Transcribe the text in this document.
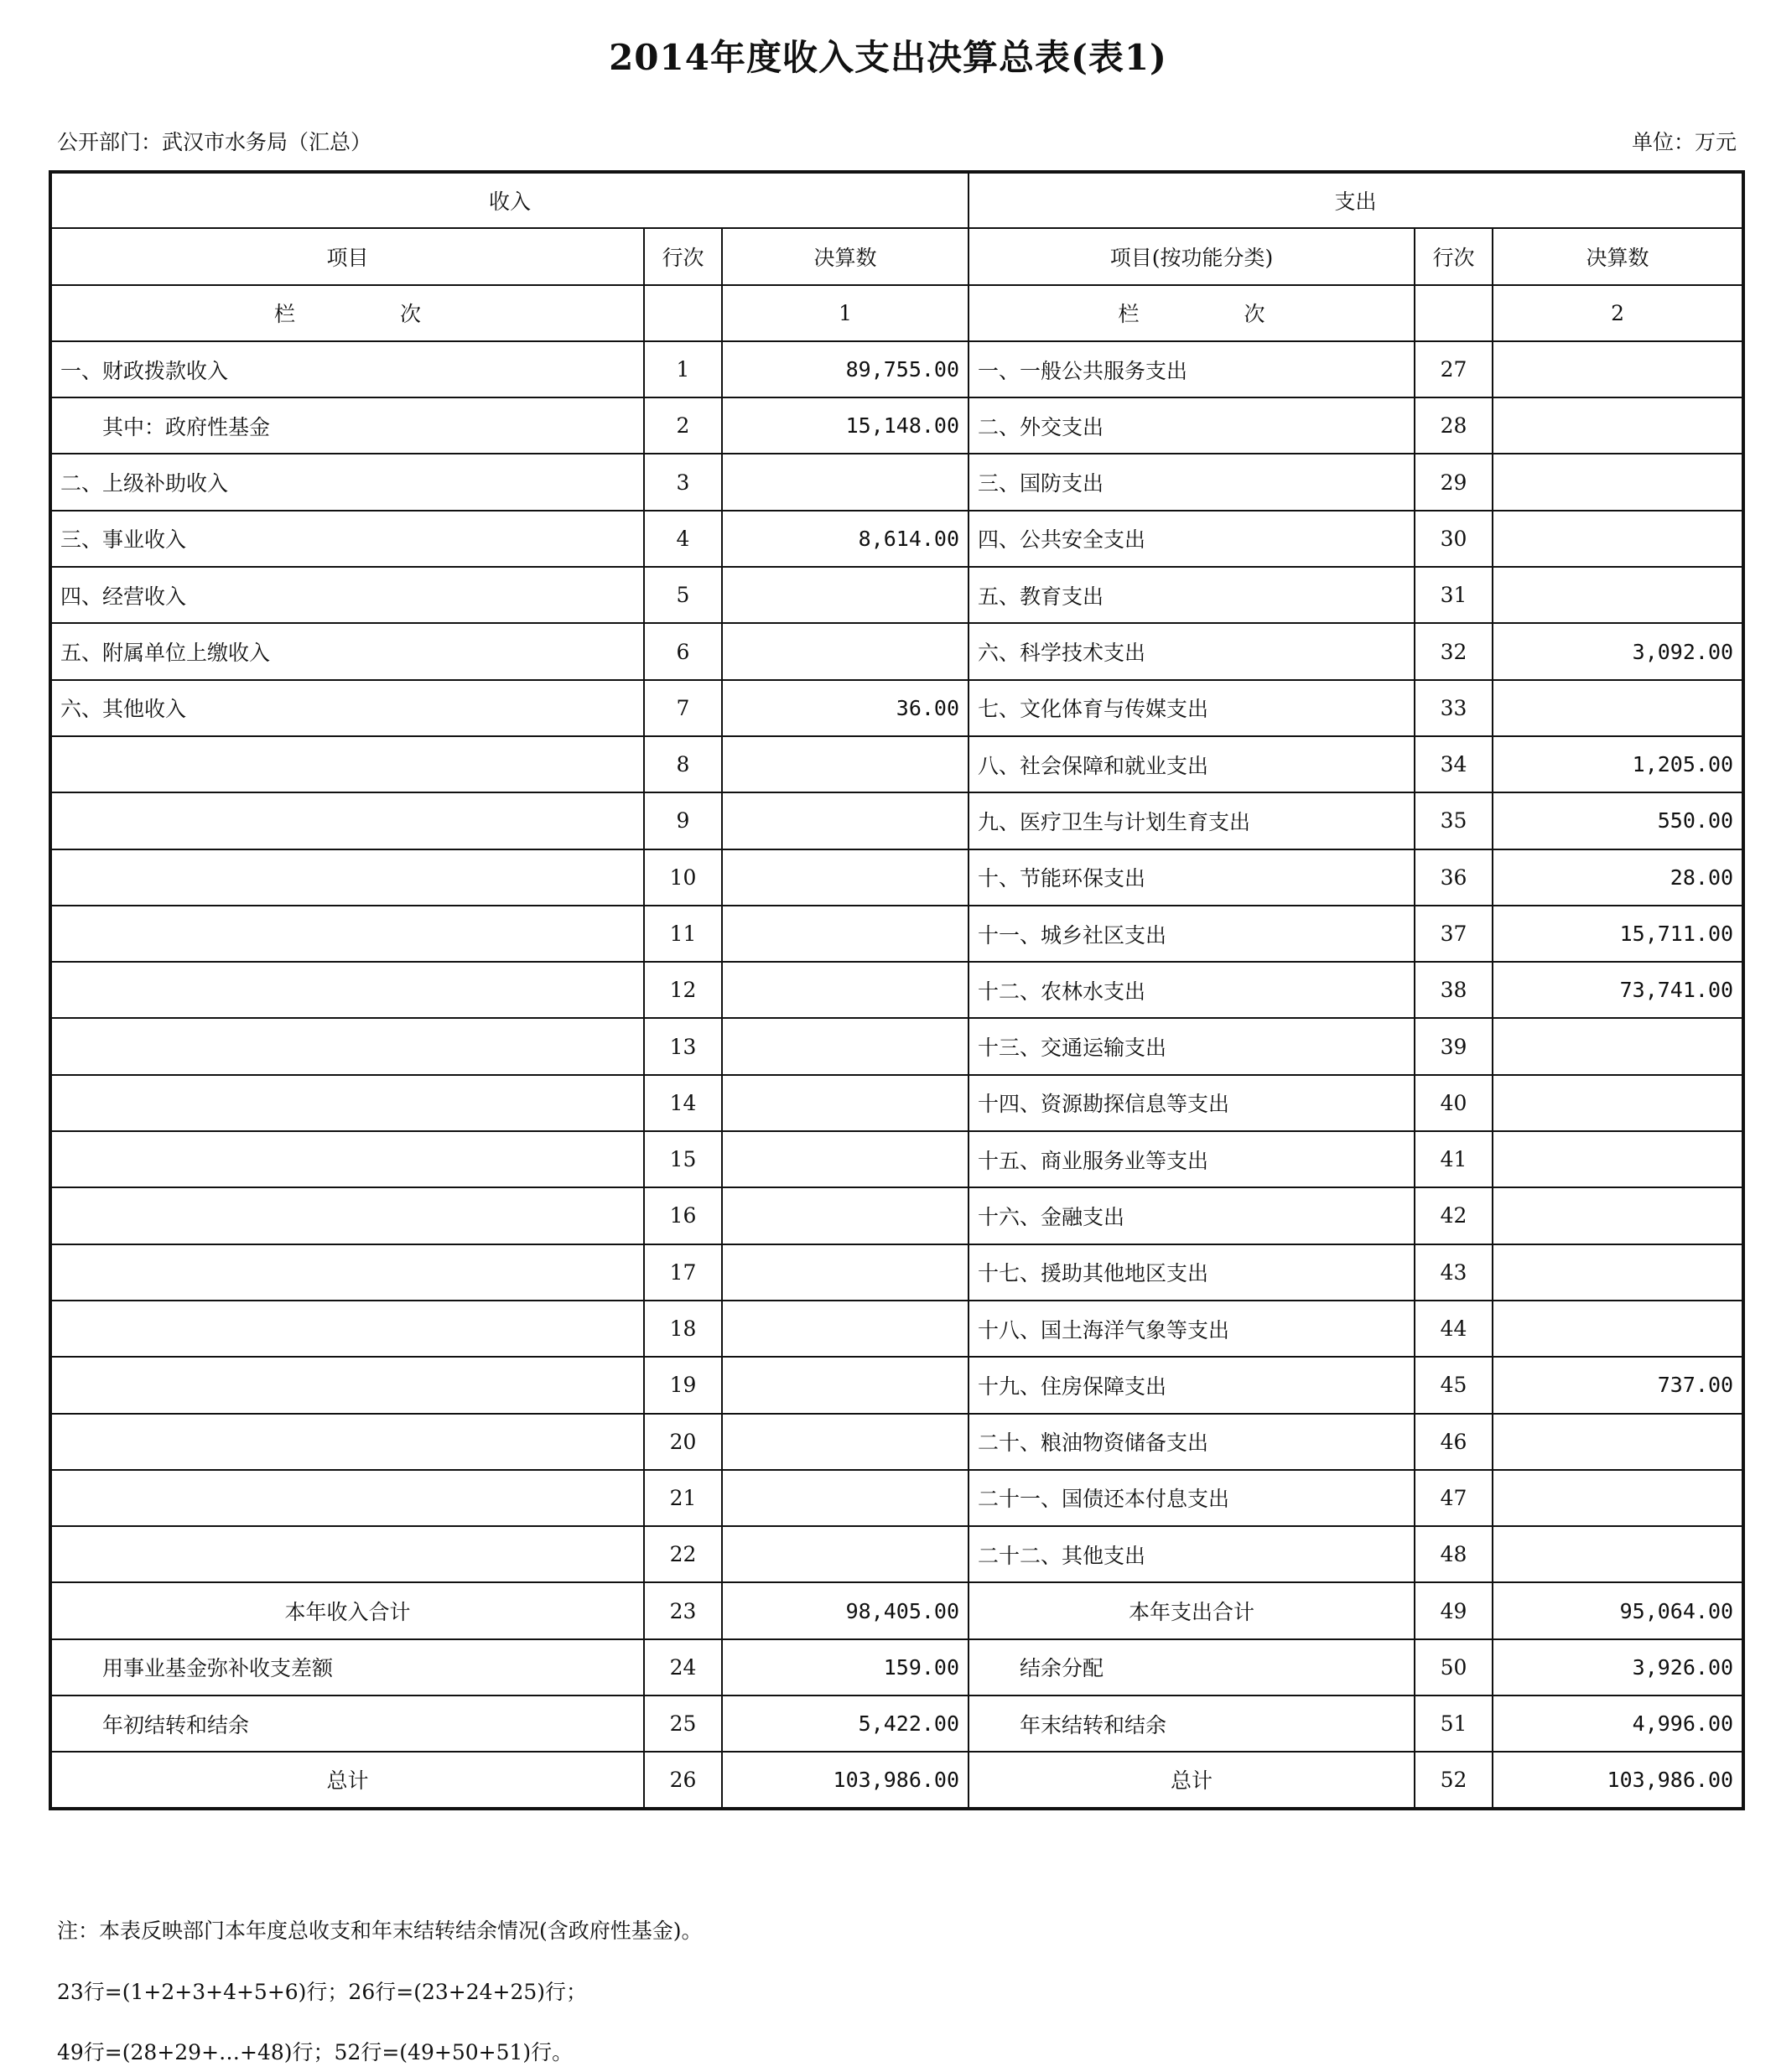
2014年度收入支出决算总表(表1)
公开部门：武汉市水务局（汇总）	单位：万元
收入			支出		
项目	行次	决算数	项目(按功能分类)	行次	决算数
栏　　　　　次		1	栏　　　　　次		2
一、财政拨款收入	1	89,755.00	一、一般公共服务支出	27	
其中：政府性基金	2	15,148.00	二、外交支出	28	
二、上级补助收入	3		三、国防支出	29	
三、事业收入	4	8,614.00	四、公共安全支出	30	
四、经营收入	5		五、教育支出	31	
五、附属单位上缴收入	6		六、科学技术支出	32	3,092.00
六、其他收入	7	36.00	七、文化体育与传媒支出	33	
	8		八、社会保障和就业支出	34	1,205.00
	9		九、医疗卫生与计划生育支出	35	550.00
	10		十、节能环保支出	36	28.00
	11		十一、城乡社区支出	37	15,711.00
	12		十二、农林水支出	38	73,741.00
	13		十三、交通运输支出	39	
	14		十四、资源勘探信息等支出	40	
	15		十五、商业服务业等支出	41	
	16		十六、金融支出	42	
	17		十七、援助其他地区支出	43	
	18		十八、国土海洋气象等支出	44	
	19		十九、住房保障支出	45	737.00
	20		二十、粮油物资储备支出	46	
	21		二十一、国债还本付息支出	47	
	22		二十二、其他支出	48	
本年收入合计	23	98,405.00	本年支出合计	49	95,064.00
用事业基金弥补收支差额	24	159.00	结余分配	50	3,926.00
年初结转和结余	25	5,422.00	年末结转和结余	51	4,996.00
总计	26	103,986.00	总计	52	103,986.00
注：本表反映部门本年度总收支和年末结转结余情况(含政府性基金)。
23行=(1+2+3+4+5+6)行；26行=(23+24+25)行；
49行=(28+29+…+48)行；52行=(49+50+51)行。
